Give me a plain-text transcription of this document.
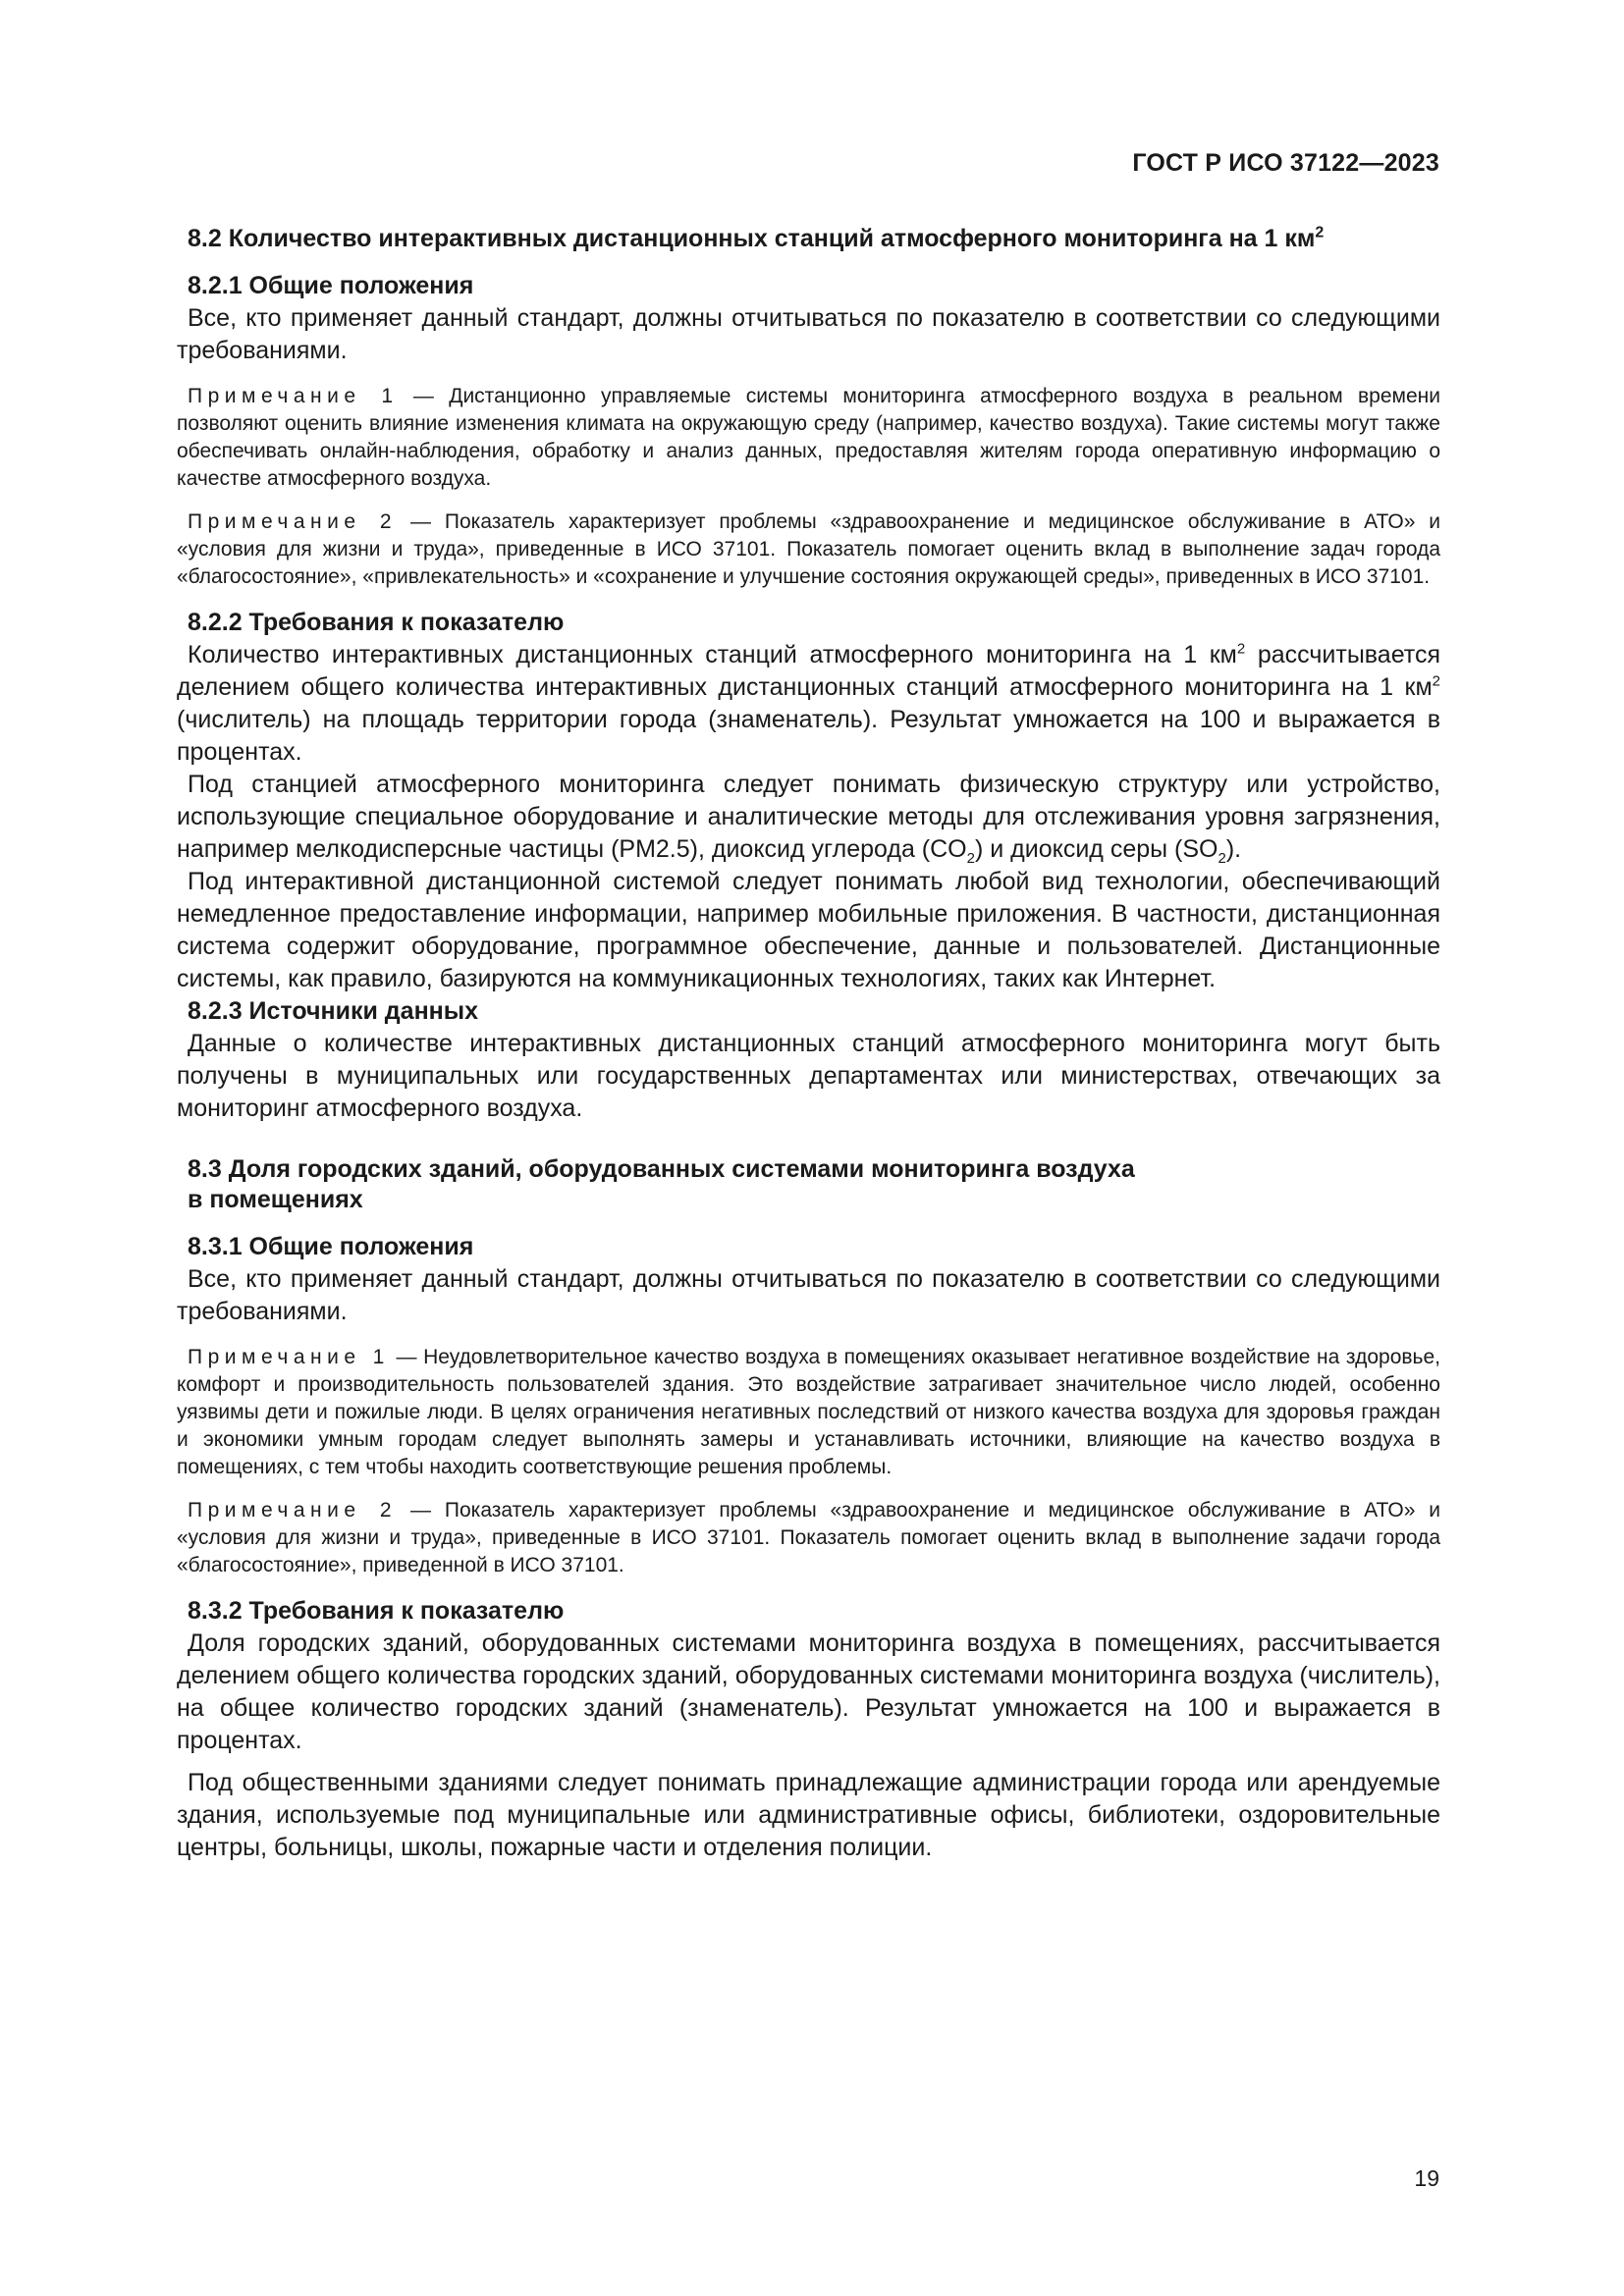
ГОСТ Р ИСО 37122—2023
8.2 Количество интерактивных дистанционных станций атмосферного мониторинга на 1 $км^2$
8.2.1 Общие положения

Все, кто применяет данный стандарт, должны отчитываться по показателю в соответствии со следующими требованиями.

Примечание 1 — Дистанционно управляемые системы мониторинга атмосферного воздуха в реальном времени позволяют оценить влияние изменения климата на окружающую среду (например, качество воздуха). Такие системы могут также обеспечивать онлайн-наблюдения, обработку и анализ данных, предоставляя жителям города оперативную информацию о качестве атмосферного воздуха.

Примечание 2 — Показатель характеризует проблемы «здравоохранение и медицинское обслуживание в АТО» и «условия для жизни и труда», приведенные в ИСО 37101. Показатель помогает оценить вклад в выполнение задач города «благосостояние», «привлекательность» и «сохранение и улучшение состояния окружающей среды», приведенных в ИСО 37101.

8.2.2 Требования к показателю

Количество интерактивных дистанционных станций атмосферного мониторинга на 1 $км^2$ рассчитывается делением общего количества интерактивных дистанционных станций атмосферного мониторинга на 1 $км^2$ (числитель) на площадь территории города (знаменатель). Результат умножается на 100 и выражается в процентах.

Под станцией атмосферного мониторинга следует понимать физическую структуру или устройство, использующие специальное оборудование и аналитические методы для отслеживания уровня загрязнения, например мелкодисперсные частицы (PM2.5), диоксид углерода $(CO_2)$ и диоксид серы $(SO_2)$.

Под интерактивной дистанционной системой следует понимать любой вид технологии, обеспечивающий немедленное предоставление информации, например мобильные приложения. В частности, дистанционная система содержит оборудование, программное обеспечение, данные и пользователей. Дистанционные системы, как правило, базируются на коммуникационных технологиях, таких как Интернет.

8.2.3 Источники данных

Данные о количестве интерактивных дистанционных станций атмосферного мониторинга могут быть получены в муниципальных или государственных департаментах или министерствах, отвечающих за мониторинг атмосферного воздуха.

8.3 Доля городских зданий, оборудованных системами мониторинга воздуха
в помещениях
8.3.1 Общие положения

Все, кто применяет данный стандарт, должны отчитываться по показателю в соответствии со следующими требованиями.

Примечание 1 — Неудовлетворительное качество воздуха в помещениях оказывает негативное воздействие на здоровье, комфорт и производительность пользователей здания. Это воздействие затрагивает значительное число людей, особенно уязвимы дети и пожилые люди. В целях ограничения негативных последствий от низкого качества воздуха для здоровья граждан и экономики умным городам следует выполнять замеры и устанавливать источники, влияющие на качество воздуха в помещениях, с тем чтобы находить соответствующие решения проблемы.

Примечание 2 — Показатель характеризует проблемы «здравоохранение и медицинское обслуживание в АТО» и «условия для жизни и труда», приведенные в ИСО 37101. Показатель помогает оценить вклад в выполнение задачи города «благосостояние», приведенной в ИСО 37101.

8.3.2 Требования к показателю

Доля городских зданий, оборудованных системами мониторинга воздуха в помещениях, рассчитывается делением общего количества городских зданий, оборудованных системами мониторинга воздуха (числитель), на общее количество городских зданий (знаменатель). Результат умножается на 100 и выражается в процентах.

Под общественными зданиями следует понимать принадлежащие администрации города или арендуемые здания, используемые под муниципальные или административные офисы, библиотеки, оздоровительные центры, больницы, школы, пожарные части и отделения полиции.

19
